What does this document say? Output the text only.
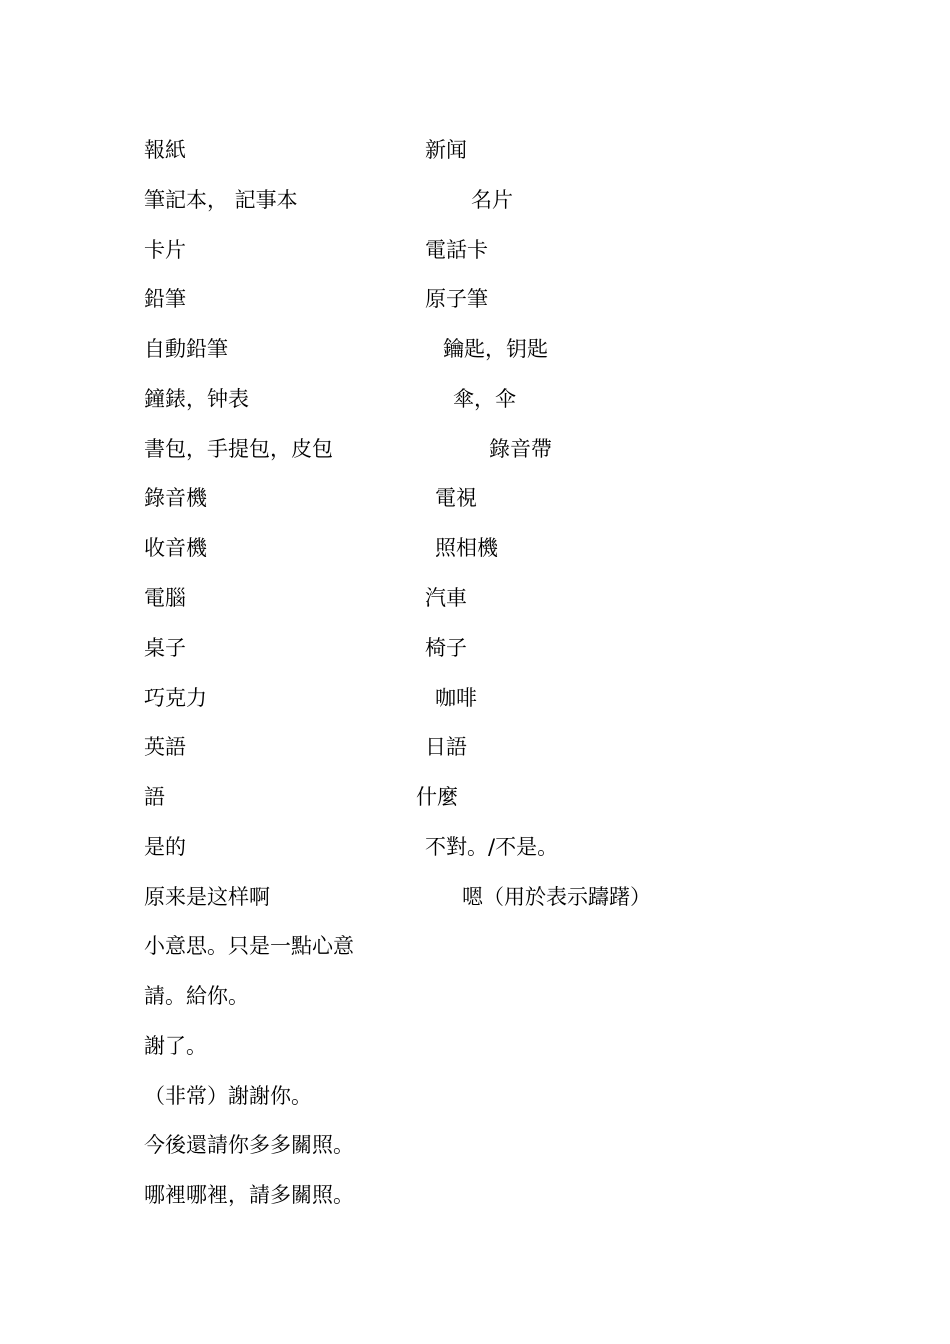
報紙	新闻
筆記本， 記事本	名片
卡片	電話卡
鉛筆	原子筆
自動鉛筆	鑰匙，钥匙
鐘錶，钟表	傘，伞
書包，手提包，皮包	錄音帶
錄音機	電視
收音機	照相機
電腦	汽車
桌子	椅子
巧克力	咖啡
英語	日語
語	什麼
是的	不對。/不是。
原来是这样啊	嗯（用於表示躊躇）
小意思。只是一點心意
請。給你。
謝了。
（非常）謝謝你。
今後還請你多多關照。
哪裡哪裡，請多關照。
